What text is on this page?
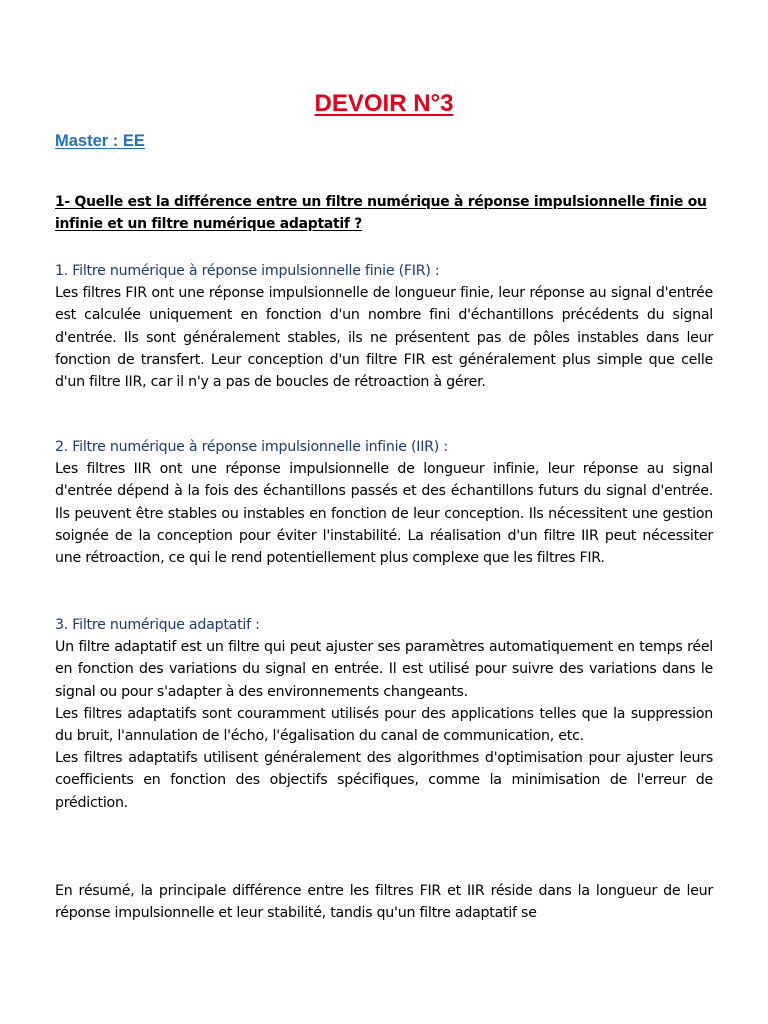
DEVOIR N°3
Master : EE
1- Quelle est la différence entre un filtre numérique à réponse impulsionnelle finie ou infinie et un filtre numérique adaptatif ?
1. Filtre numérique à réponse impulsionnelle finie (FIR) :

Les filtres FIR ont une réponse impulsionnelle de longueur finie, leur réponse au signal d'entrée est calculée uniquement en fonction d'un nombre fini d'échantillons précédents du signal d'entrée. Ils sont généralement stables, ils ne présentent pas de pôles instables dans leur fonction de transfert. Leur conception d'un filtre FIR est généralement plus simple que celle d'un filtre IIR, car il n'y a pas de boucles de rétroaction à gérer.

2. Filtre numérique à réponse impulsionnelle infinie (IIR) :

Les filtres IIR ont une réponse impulsionnelle de longueur infinie, leur réponse au signal d'entrée dépend à la fois des échantillons passés et des échantillons futurs du signal d'entrée. Ils peuvent être stables ou instables en fonction de leur conception. Ils nécessitent une gestion soignée de la conception pour éviter l'instabilité. La réalisation d'un filtre IIR peut nécessiter une rétroaction, ce qui le rend potentiellement plus complexe que les filtres FIR.

3. Filtre numérique adaptatif :

Un filtre adaptatif est un filtre qui peut ajuster ses paramètres automatiquement en temps réel en fonction des variations du signal en entrée. Il est utilisé pour suivre des variations dans le signal ou pour s'adapter à des environnements changeants.

Les filtres adaptatifs sont couramment utilisés pour des applications telles que la suppression du bruit, l'annulation de l'écho, l'égalisation du canal de communication, etc.

Les filtres adaptatifs utilisent généralement des algorithmes d'optimisation pour ajuster leurs coefficients en fonction des objectifs spécifiques, comme la minimisation de l'erreur de prédiction.

En résumé, la principale différence entre les filtres FIR et IIR réside dans la longueur de leur réponse impulsionnelle et leur stabilité, tandis qu'un filtre adaptatif se
